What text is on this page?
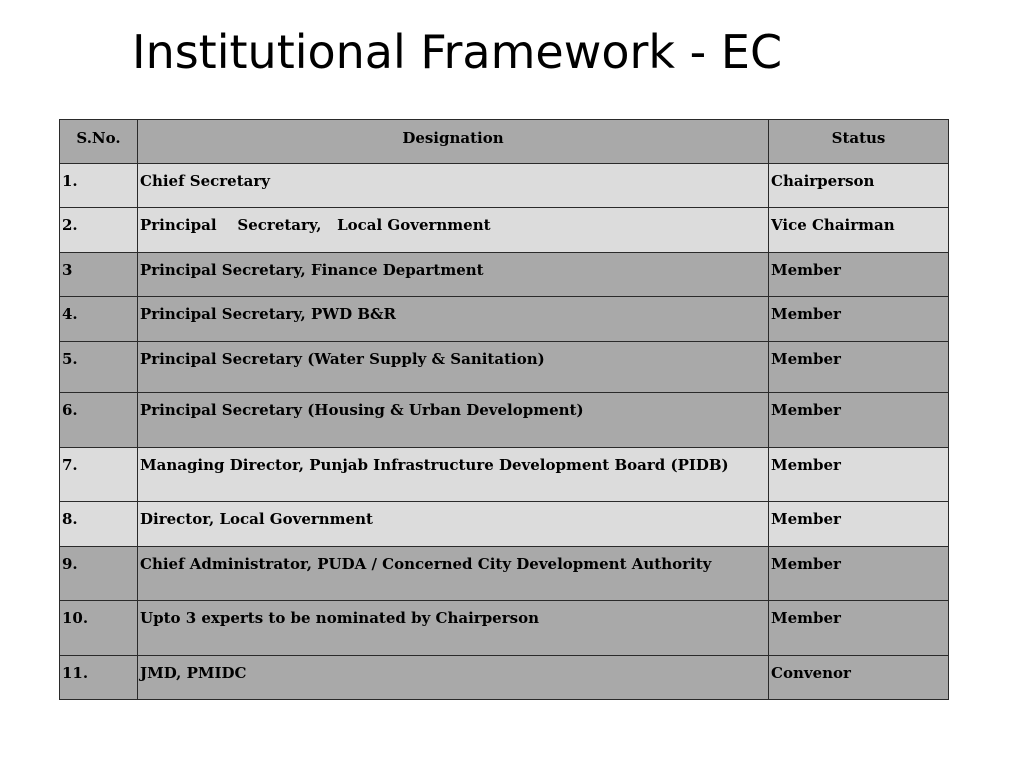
Institutional Framework - EC
S.No.	Designation	Status
1.	Chief Secretary	Chairperson
2.	Principal    Secretary,   Local Government	Vice Chairman
3	Principal Secretary, Finance Department	Member
4.	Principal Secretary, PWD B&R	Member
5.	Principal Secretary (Water Supply & Sanitation)	Member
6.	Principal Secretary (Housing & Urban Development)	Member
7.	Managing Director, Punjab Infrastructure Development Board (PIDB)	Member
8.	Director, Local Government	Member
9.	Chief Administrator, PUDA / Concerned City Development Authority	Member
10.	Upto 3 experts to be nominated by Chairperson	Member
11.	JMD, PMIDC	Convenor
